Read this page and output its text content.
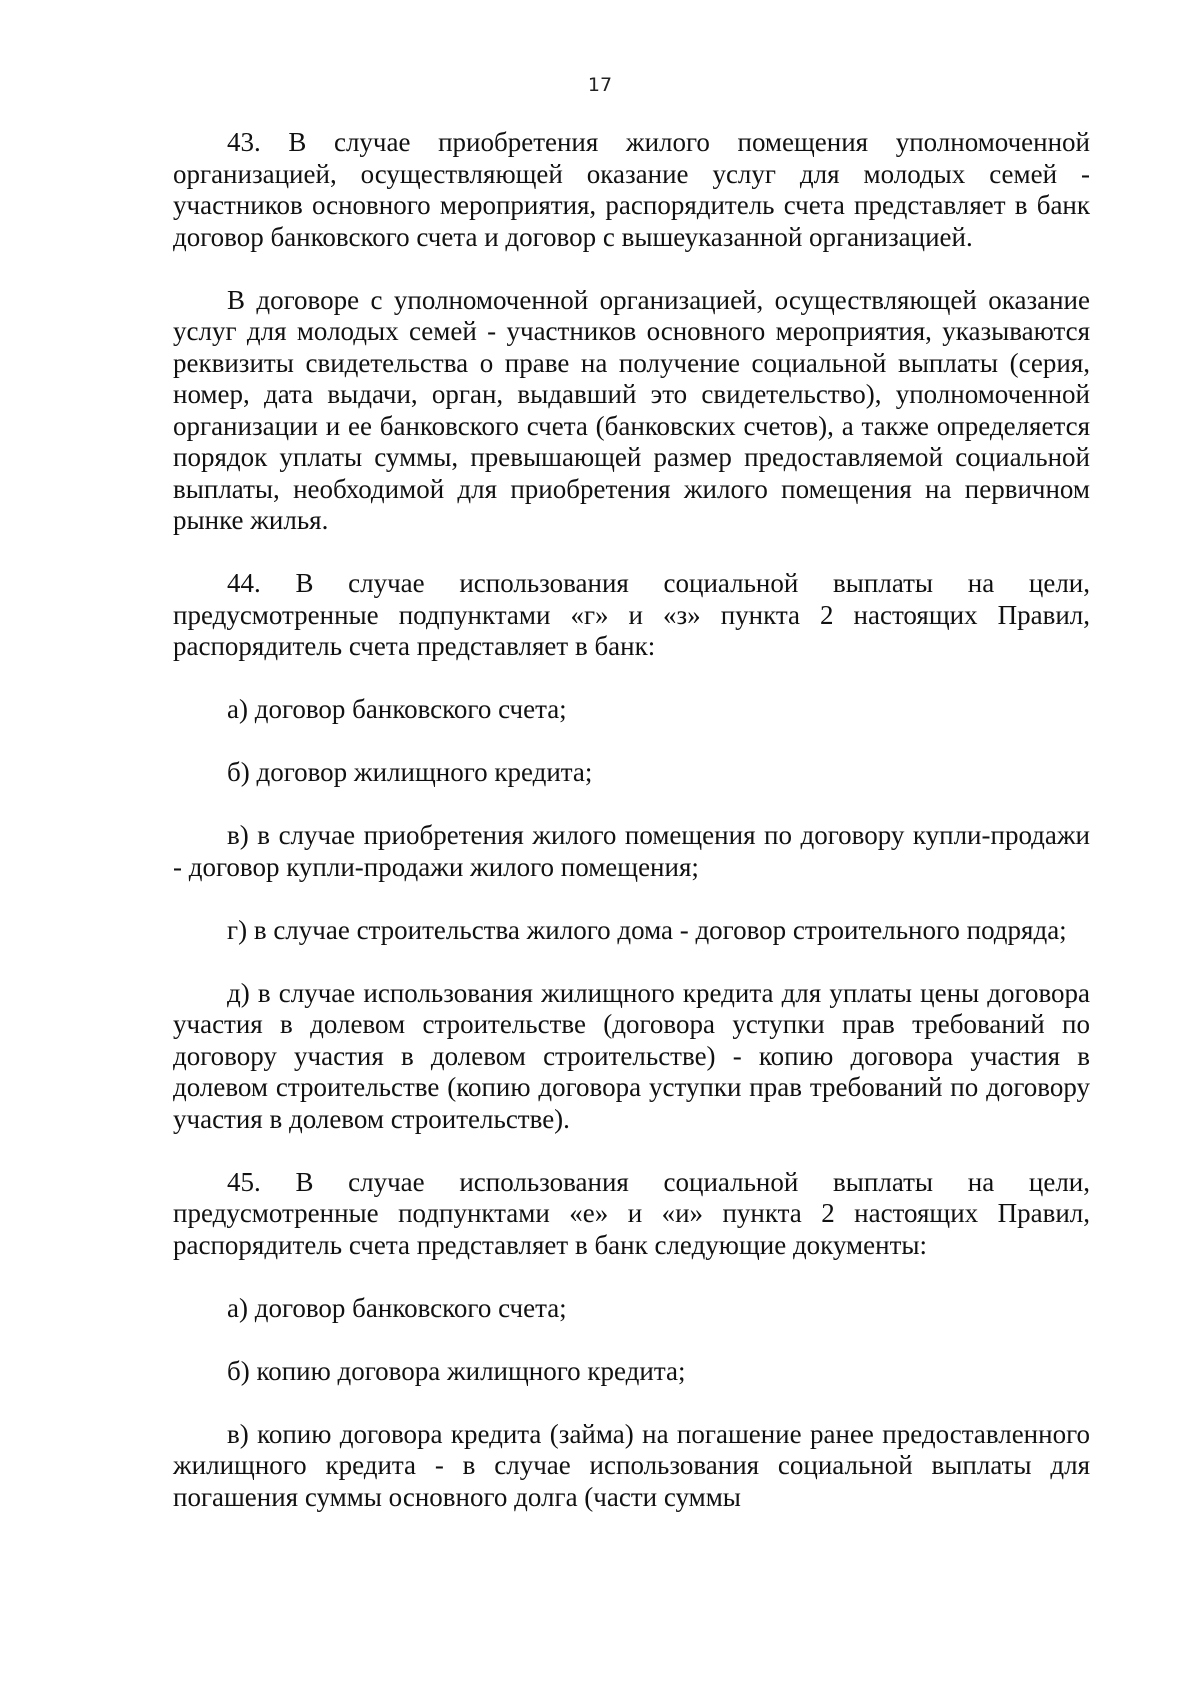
17

43. В случае приобретения жилого помещения уполномоченной организацией, осуществляющей оказание услуг для молодых семей - участников основного мероприятия, распорядитель счета представляет в банк договор банковского счета и договор с вышеуказанной организацией.

В договоре с уполномоченной организацией, осуществляющей оказание услуг для молодых семей - участников основного мероприятия, указываются реквизиты свидетельства о праве на получение социальной выплаты (серия, номер, дата выдачи, орган, выдавший это свидетельство), уполномоченной организации и ее банковского счета (банковских счетов), а также определяется порядок уплаты суммы, превышающей размер предоставляемой социальной выплаты, необходимой для приобретения жилого помещения на первичном рынке жилья.

44. В случае использования социальной выплаты на цели, предусмотренные подпунктами «г» и «з» пункта 2 настоящих Правил, распорядитель счета представляет в банк:

а) договор банковского счета;

б) договор жилищного кредита;

в) в случае приобретения жилого помещения по договору купли-продажи - договор купли-продажи жилого помещения;

г) в случае строительства жилого дома - договор строительного подряда;

д) в случае использования жилищного кредита для уплаты цены договора участия в долевом строительстве (договора уступки прав требований по договору участия в долевом строительстве) - копию договора участия в долевом строительстве (копию договора уступки прав требований по договору участия в долевом строительстве).

45. В случае использования социальной выплаты на цели, предусмотренные подпунктами «е» и «и» пункта 2 настоящих Правил, распорядитель счета представляет в банк следующие документы:

а) договор банковского счета;

б) копию договора жилищного кредита;

в) копию договора кредита (займа) на погашение ранее предоставленного жилищного кредита - в случае использования социальной выплаты для погашения суммы основного долга (части суммы
